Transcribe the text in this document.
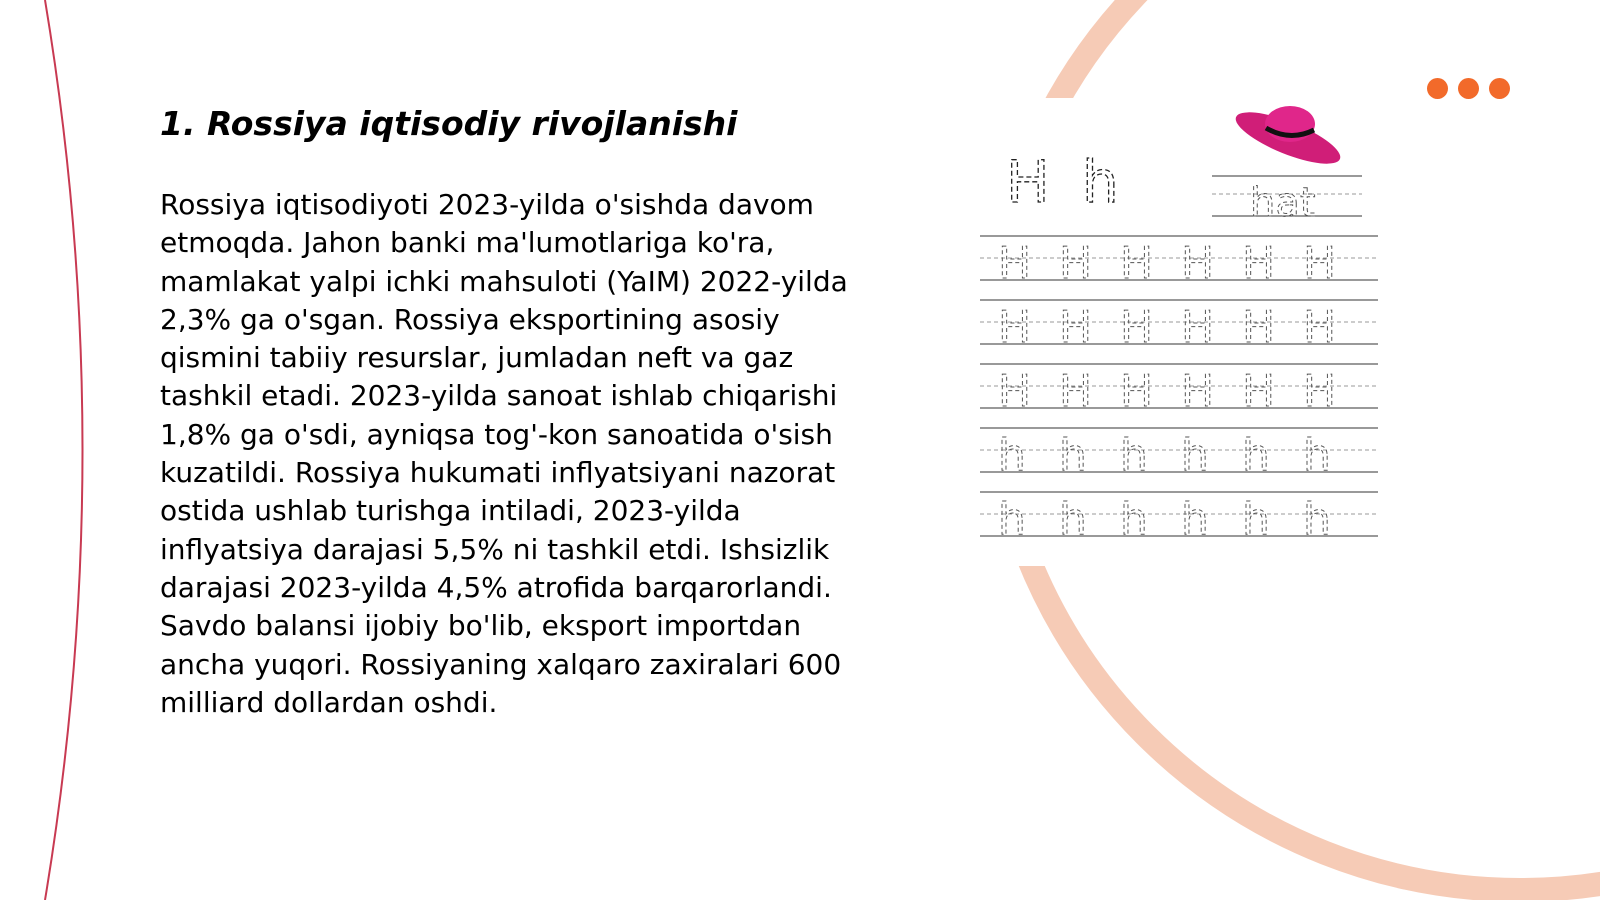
1. Rossiya iqtisodiy rivojlanishi

Rossiya iqtisodiyoti 2023-yilda o'sishda davom etmoqda. Jahon banki ma'lumotlariga ko'ra, mamlakat yalpi ichki mahsuloti (YaIM) 2022-yilda 2,3% ga o'sgan. Rossiya eksportining asosiy qismini tabiiy resurslar, jumladan neft va gaz tashkil etadi. 2023-yilda sanoat ishlab chiqarishi 1,8% ga o'sdi, ayniqsa tog'-kon sanoatida o'sish kuzatildi. Rossiya hukumati inflyatsiyani nazorat ostida ushlab turishga intiladi, 2023-yilda inflyatsiya darajasi 5,5% ni tashkil etdi. Ishsizlik darajasi 2023-yilda 4,5% atrofida barqarorlandi. Savdo balansi ijobiy bo'lib, eksport importdan ancha yuqori. Rossiyaning xalqaro zaxiralari 600 milliard dollardan oshdi.

H h	hat
H H H H H H
H H H H H H
H H H H H H
h h h h h h
h h h h h h
